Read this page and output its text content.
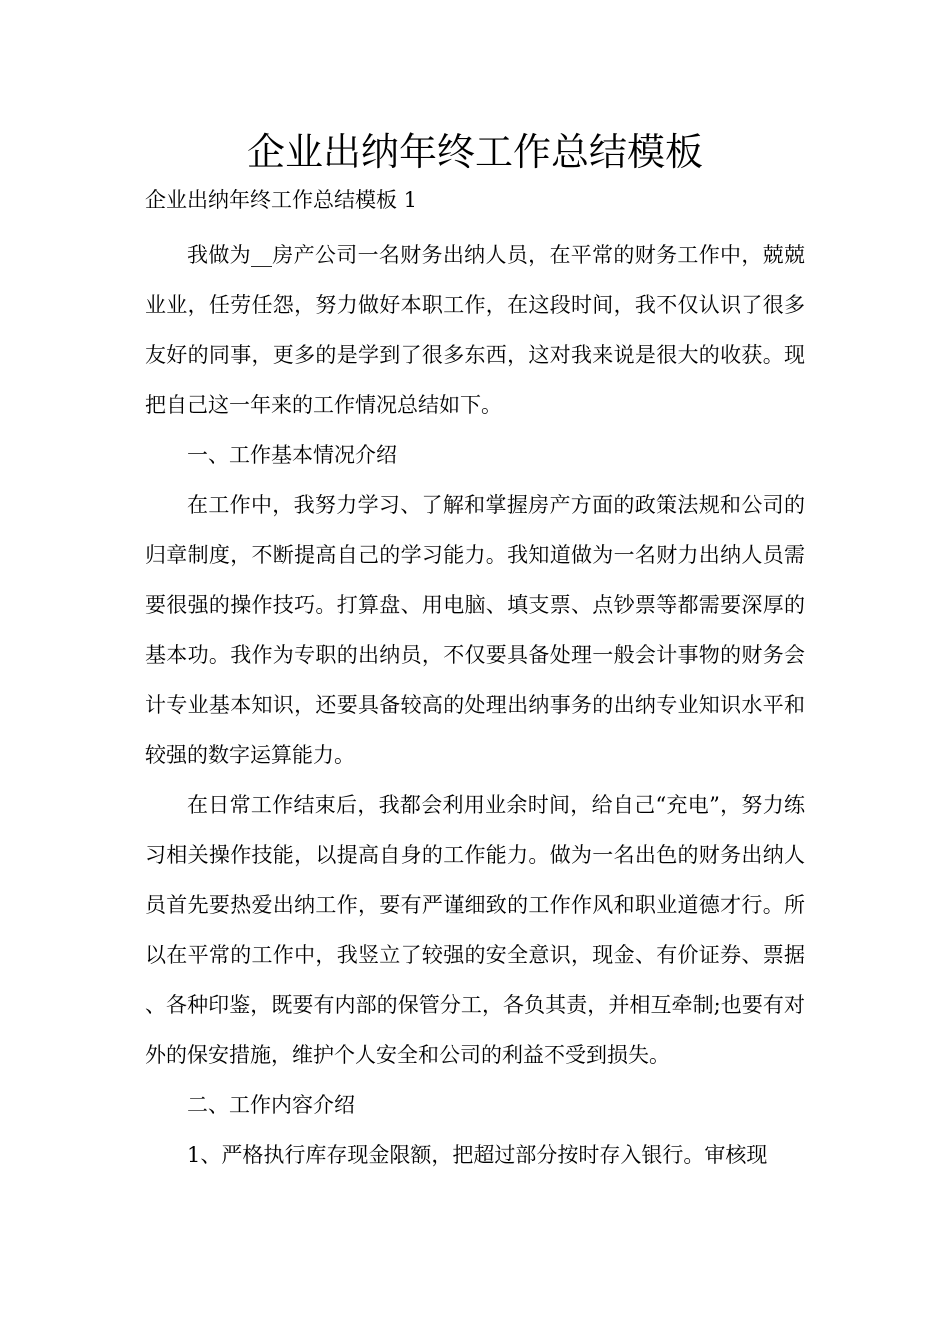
企业出纳年终工作总结模板

企业出纳年终工作总结模板 1

我做为__房产公司一名财务出纳人员，在平常的财务工作中，兢兢业业，任劳任怨，努力做好本职工作，在这段时间，我不仅认识了很多友好的同事，更多的是学到了很多东西，这对我来说是很大的收获。现把自己这一年来的工作情况总结如下。

一、工作基本情况介绍

在工作中，我努力学习、了解和掌握房产方面的政策法规和公司的归章制度，不断提高自己的学习能力。我知道做为一名财力出纳人员需要很强的操作技巧。打算盘、用电脑、填支票、点钞票等都需要深厚的基本功。我作为专职的出纳员，不仅要具备处理一般会计事物的财务会计专业基本知识，还要具备较高的处理出纳事务的出纳专业知识水平和较强的数字运算能力。

在日常工作结束后，我都会利用业余时间，给自己“充电”，努力练习相关操作技能，以提高自身的工作能力。做为一名出色的财务出纳人员首先要热爱出纳工作，要有严谨细致的工作作风和职业道德才行。所以在平常的工作中，我竖立了较强的安全意识，现金、有价证券、票据、各种印鉴，既要有内部的保管分工，各负其责，并相互牵制;也要有对外的保安措施，维护个人安全和公司的利益不受到损失。

二、工作内容介绍

1、严格执行库存现金限额，把超过部分按时存入银行。审核现
